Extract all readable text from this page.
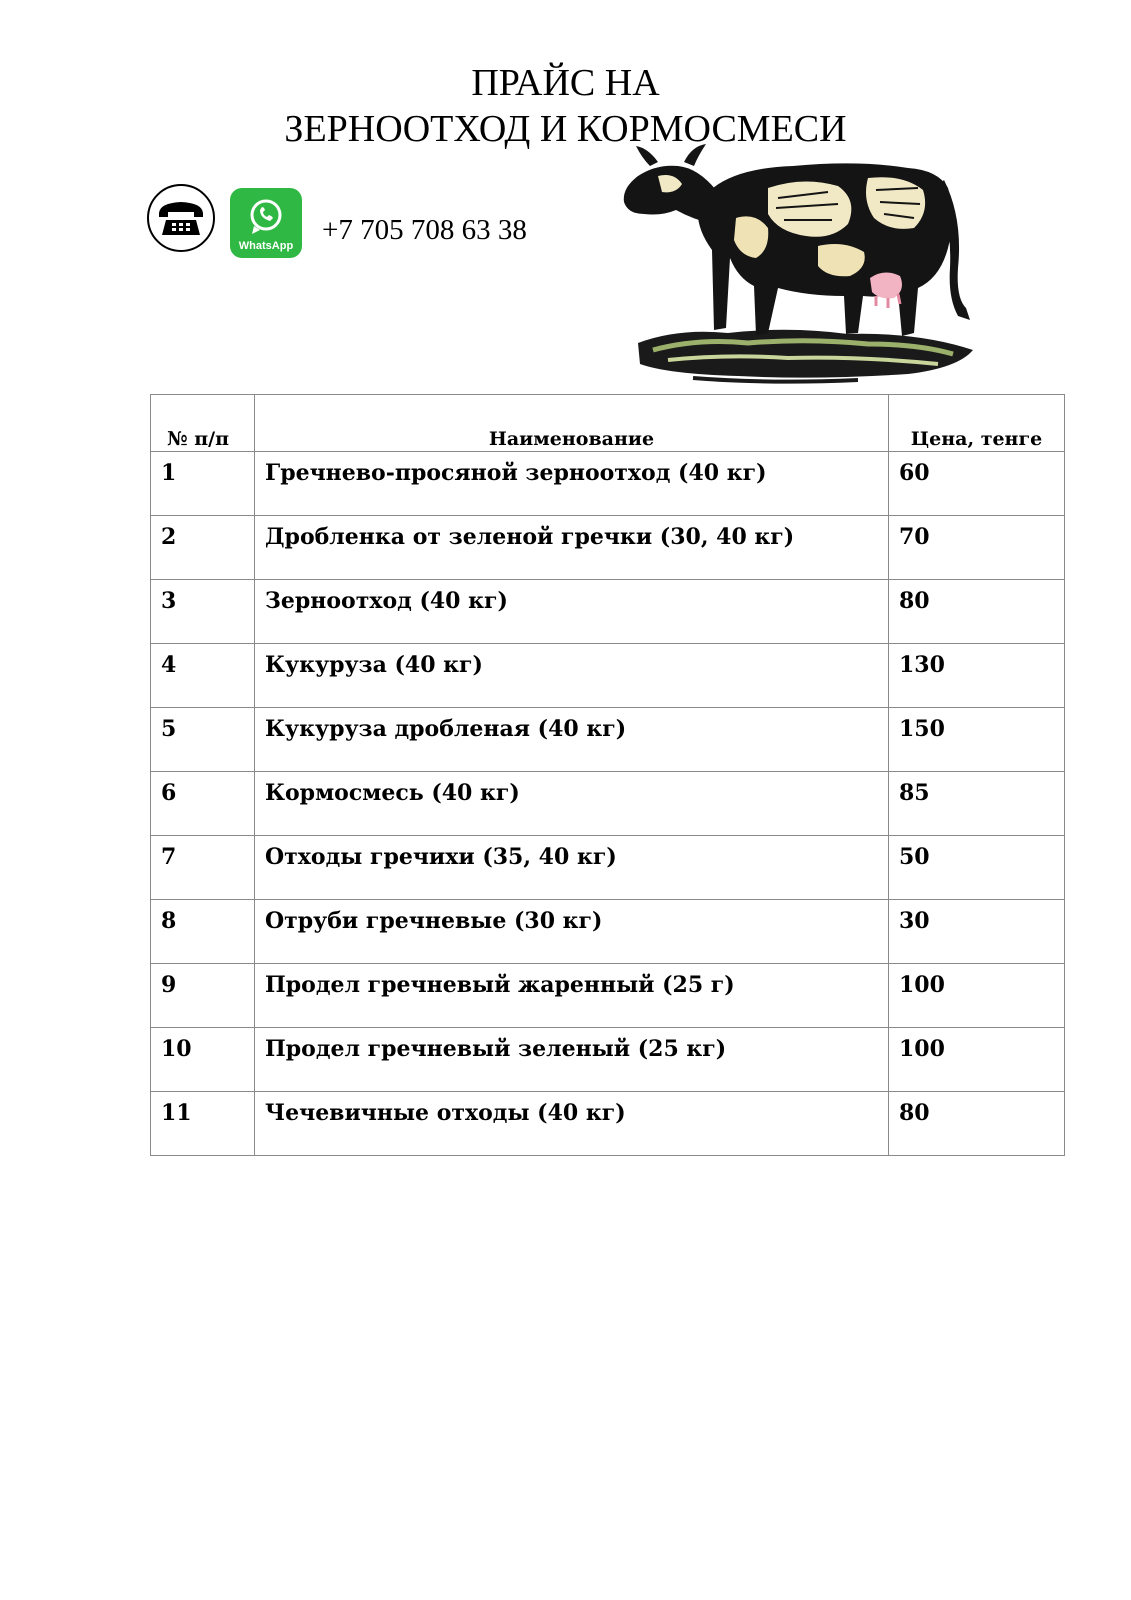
ПРАЙС НА
ЗЕРНООТХОД И КОРМОСМЕСИ
WhatsApp +7 705 708 63 38
№ п/п	Наименование	Цена, тенге
1	Гречнево-просяной зерноотход (40 кг)	60
2	Дробленка от зеленой гречки (30, 40 кг)	70
3	Зерноотход (40 кг)	80
4	Кукуруза (40 кг)	130
5	Кукуруза дробленая (40 кг)	150
6	Кормосмесь (40 кг)	85
7	Отходы гречихи (35, 40 кг)	50
8	Отруби гречневые (30 кг)	30
9	Продел гречневый жаренный (25 г)	100
10	Продел гречневый зеленый (25 кг)	100
11	Чечевичные отходы (40 кг)	80
